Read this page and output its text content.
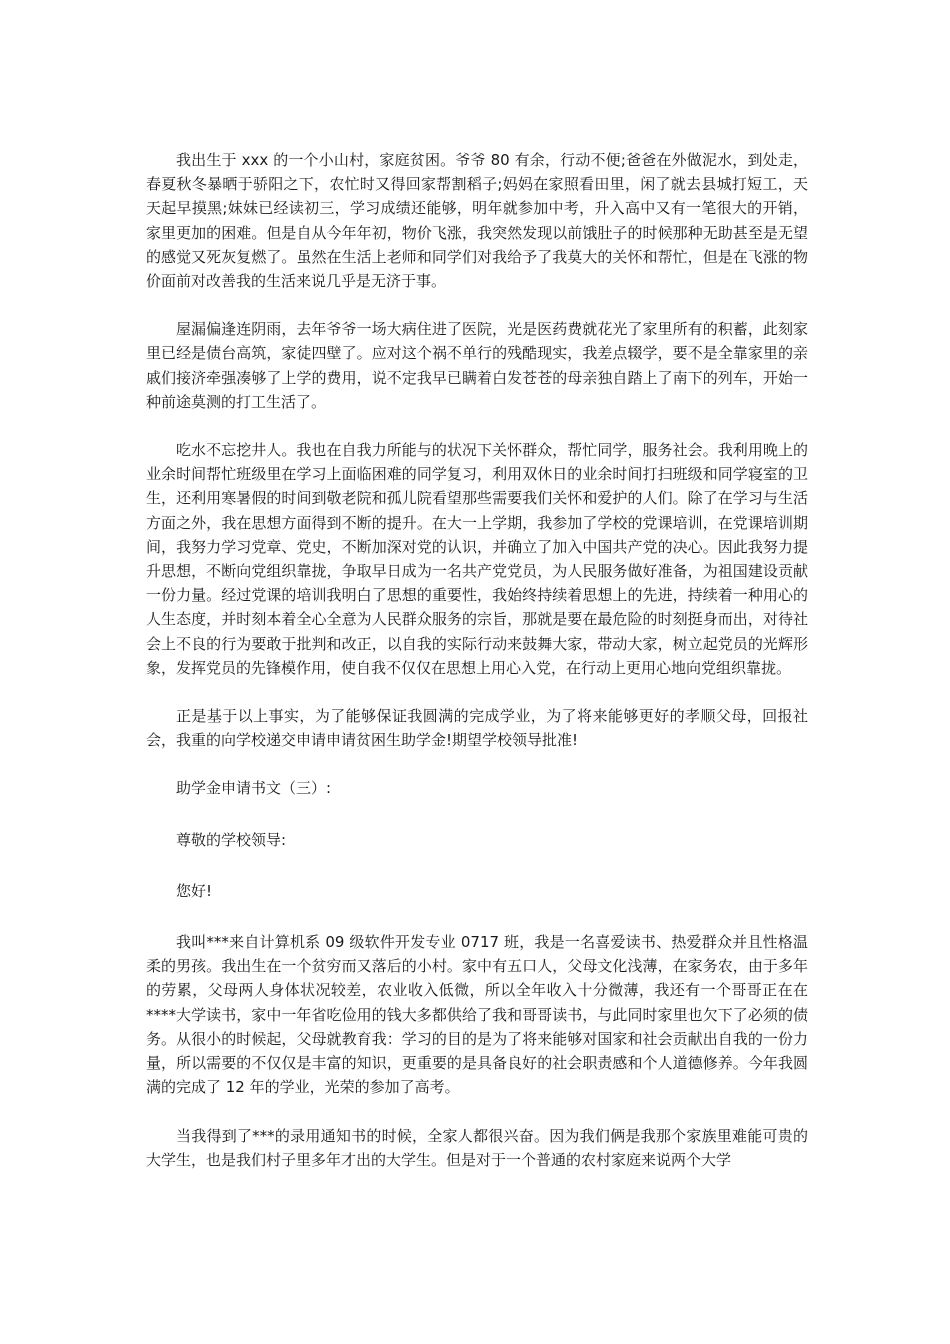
我出生于 xxx 的一个小山村，家庭贫困。爷爷 80 有余，行动不便;爸爸在外做泥水，到处走，春夏秋冬暴晒于骄阳之下，农忙时又得回家帮割稻子;妈妈在家照看田里，闲了就去县城打短工，天天起早摸黑;妹妹已经读初三，学习成绩还能够，明年就参加中考，升入高中又有一笔很大的开销，家里更加的困难。但是自从今年年初，物价飞涨，我突然发现以前饿肚子的时候那种无助甚至是无望的感觉又死灰复燃了。虽然在生活上老师和同学们对我给予了我莫大的关怀和帮忙，但是在飞涨的物价面前对改善我的生活来说几乎是无济于事。

屋漏偏逢连阴雨，去年爷爷一场大病住进了医院，光是医药费就花光了家里所有的积蓄，此刻家里已经是债台高筑，家徒四壁了。应对这个祸不单行的残酷现实，我差点辍学，要不是全靠家里的亲戚们接济牵强凑够了上学的费用，说不定我早已瞒着白发苍苍的母亲独自踏上了南下的列车，开始一种前途莫测的打工生活了。

吃水不忘挖井人。我也在自我力所能与的状况下关怀群众，帮忙同学，服务社会。我利用晚上的业余时间帮忙班级里在学习上面临困难的同学复习，利用双休日的业余时间打扫班级和同学寝室的卫生，还利用寒暑假的时间到敬老院和孤儿院看望那些需要我们关怀和爱护的人们。除了在学习与生活方面之外，我在思想方面得到不断的提升。在大一上学期，我参加了学校的党课培训，在党课培训期间，我努力学习党章、党史，不断加深对党的认识，并确立了加入中国共产党的决心。因此我努力提升思想，不断向党组织靠拢，争取早日成为一名共产党党员，为人民服务做好准备，为祖国建设贡献一份力量。经过党课的培训我明白了思想的重要性，我始终持续着思想上的先进，持续着一种用心的人生态度，并时刻本着全心全意为人民群众服务的宗旨，那就是要在最危险的时刻挺身而出，对待社会上不良的行为要敢于批判和改正，以自我的实际行动来鼓舞大家，带动大家，树立起党员的光辉形象，发挥党员的先锋模作用，使自我不仅仅在思想上用心入党，在行动上更用心地向党组织靠拢。

正是基于以上事实，为了能够保证我圆满的完成学业，为了将来能够更好的孝顺父母，回报社会，我重的向学校递交申请申请贫困生助学金!期望学校领导批准!

助学金申请书文（三）:

尊敬的学校领导:

您好!

我叫***来自计算机系 09 级软件开发专业 0717 班，我是一名喜爱读书、热爱群众并且性格温柔的男孩。我出生在一个贫穷而又落后的小村。家中有五口人，父母文化浅薄，在家务农，由于多年的劳累，父母两人身体状况较差，农业收入低微，所以全年收入十分微薄，我还有一个哥哥正在在****大学读书，家中一年省吃俭用的钱大多都供给了我和哥哥读书，与此同时家里也欠下了必须的债务。从很小的时候起，父母就教育我：学习的目的是为了将来能够对国家和社会贡献出自我的一份力量，所以需要的不仅仅是丰富的知识，更重要的是具备良好的社会职责感和个人道德修养。今年我圆满的完成了 12 年的学业，光荣的参加了高考。

当我得到了***的录用通知书的时候，全家人都很兴奋。因为我们俩是我那个家族里难能可贵的大学生，也是我们村子里多年才出的大学生。但是对于一个普通的农村家庭来说两个大学
